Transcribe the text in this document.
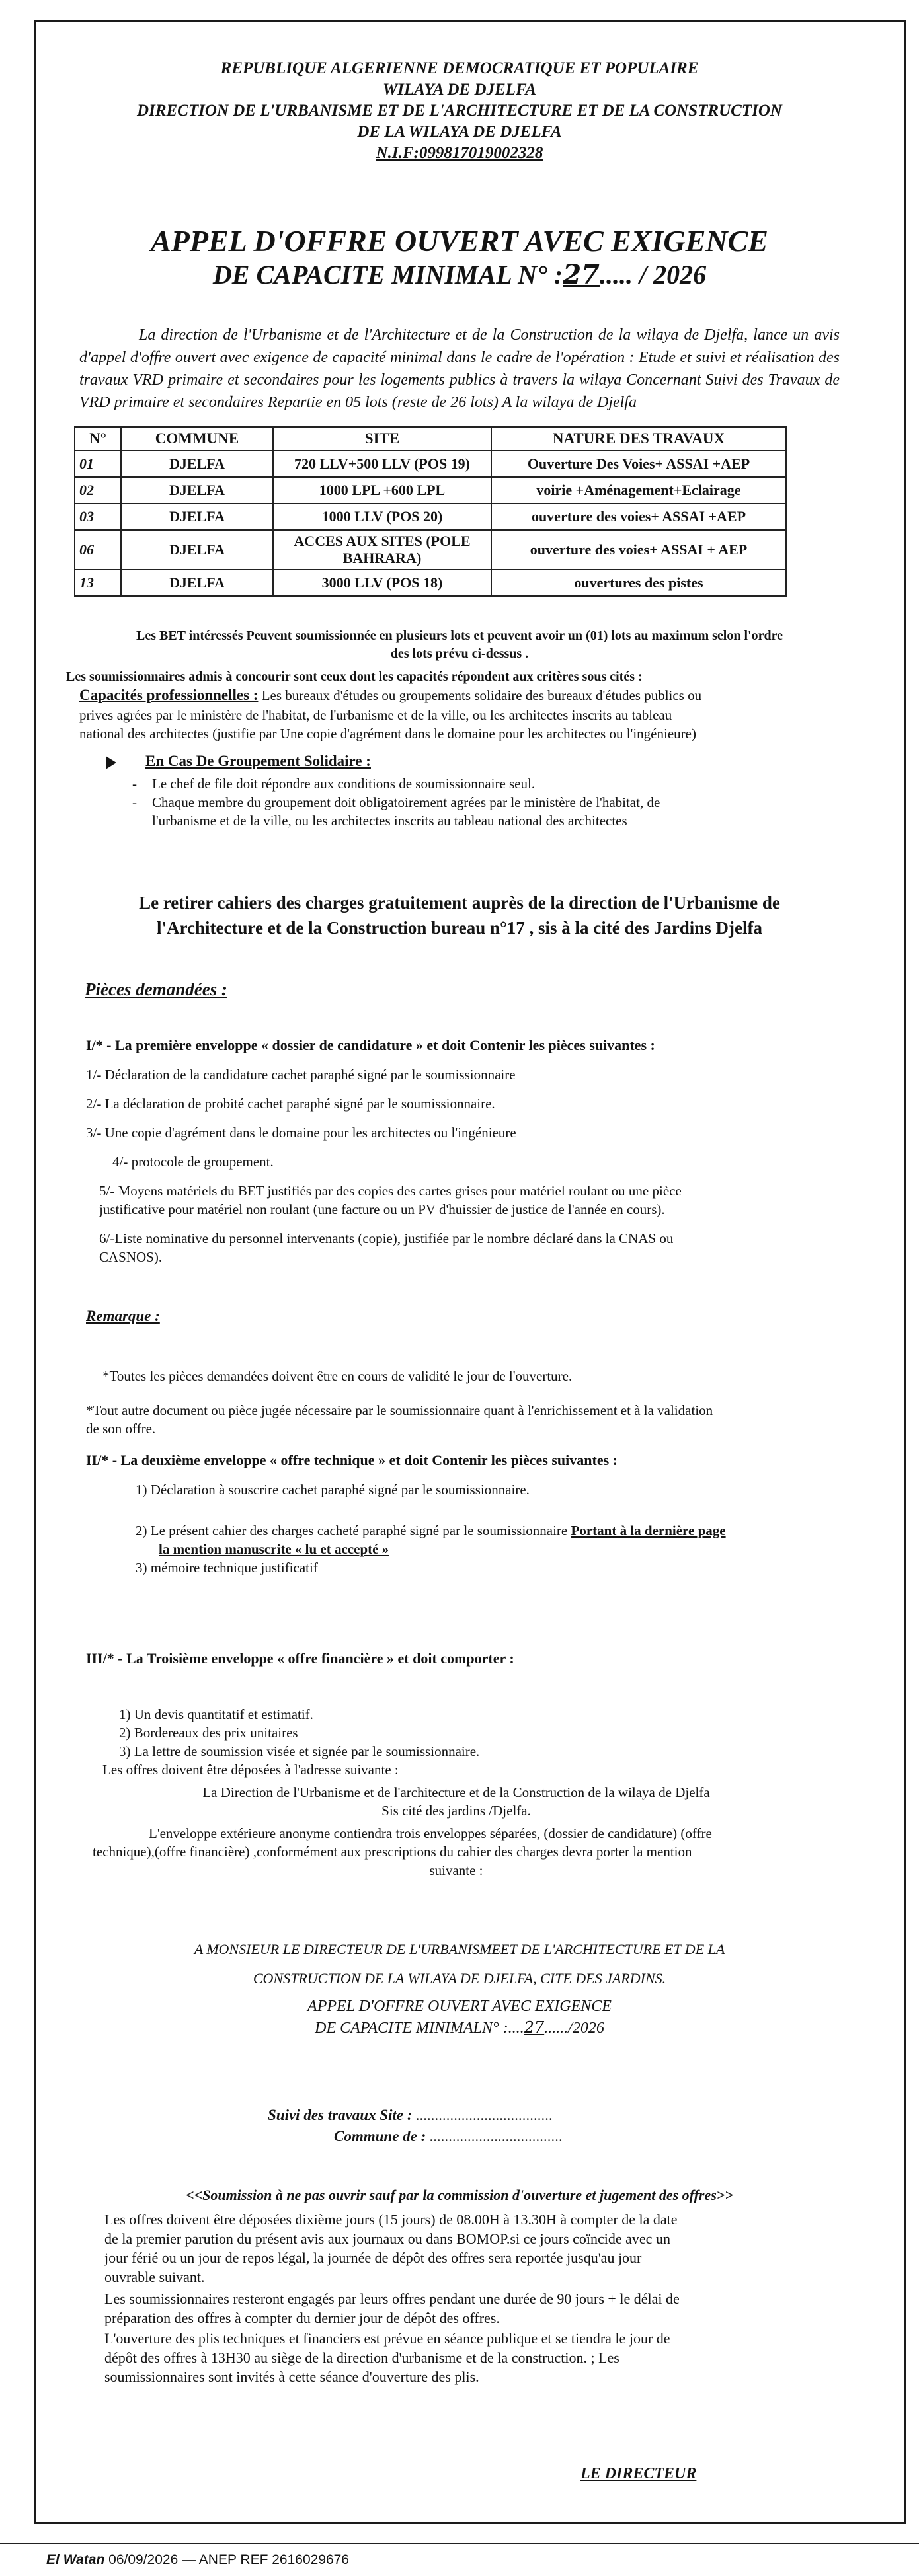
REPUBLIQUE ALGERIENNE DEMOCRATIQUE ET POPULAIRE
WILAYA DE DJELFA
DIRECTION DE L'URBANISME ET DE L'ARCHITECTURE ET DE LA CONSTRUCTION
DE LA WILAYA DE DJELFA
N.I.F:099817019002328
APPEL D'OFFRE OUVERT AVEC EXIGENCE
DE CAPACITE MINIMAL N° :27..... / 2026
La direction de l'Urbanisme et de l'Architecture et de la Construction de la wilaya de Djelfa, lance un avis d'appel d'offre ouvert avec exigence de capacité minimal dans le cadre de l'opération : Etude et suivi et réalisation des travaux VRD primaire et secondaires pour les logements publics à travers la wilaya Concernant Suivi des Travaux de VRD primaire et secondaires Repartie en 05 lots (reste de 26 lots) A la wilaya de Djelfa
N°	COMMUNE	SITE	NATURE DES TRAVAUX
01	DJELFA	720 LLV+500 LLV (POS 19)	Ouverture Des Voies+ ASSAI +AEP
02	DJELFA	1000 LPL +600 LPL	voirie +Aménagement+Eclairage
03	DJELFA	1000 LLV (POS 20)	ouverture des voies+ ASSAI +AEP
06	DJELFA	ACCES AUX SITES (POLE BAHRARA)	ouverture des voies+ ASSAI + AEP
13	DJELFA	3000 LLV (POS 18)	ouvertures des pistes
Les BET intéressés Peuvent soumissionnée en plusieurs lots et peuvent avoir un (01) lots au maximum selon l'ordre
des lots prévu ci-dessus .
Les soumissionnaires admis à concourir sont ceux dont les capacités répondent aux critères sous cités :
Capacités professionnelles : Les bureaux d'études ou groupements solidaire des bureaux d'études publics ou
prives agrées par le ministère de l'habitat, de l'urbanisme et de la ville, ou les architectes inscrits au tableau
national des architectes (justifie par Une copie d'agrément dans le domaine pour les architectes ou l'ingénieure)
En Cas De Groupement Solidaire :
- Le chef de file doit répondre aux conditions de soumissionnaire seul.
- Chaque membre du groupement doit obligatoirement agrées par le ministère de l'habitat, de
l'urbanisme et de la ville, ou les architectes inscrits au tableau national des architectes
Le retirer cahiers des charges gratuitement auprès de la direction de l'Urbanisme de
l'Architecture et de la Construction bureau n°17 , sis à la cité des Jardins Djelfa
Pièces demandées :
I/* - La première enveloppe « dossier de candidature » et doit Contenir les pièces suivantes :
1/- Déclaration de la candidature cachet paraphé signé par le soumissionnaire
2/- La déclaration de probité cachet paraphé signé par le soumissionnaire.
3/- Une copie d'agrément dans le domaine pour les architectes ou l'ingénieure
4/- protocole de groupement.
5/- Moyens matériels du BET justifiés par des copies des cartes grises pour matériel roulant ou une pièce
justificative pour matériel non roulant (une facture ou un PV d'huissier de justice de l'année en cours).
6/-Liste nominative du personnel intervenants (copie), justifiée par le nombre déclaré dans la CNAS ou
CASNOS).
Remarque :
*Toutes les pièces demandées doivent être en cours de validité le jour de l'ouverture.
*Tout autre document ou pièce jugée nécessaire par le soumissionnaire quant à l'enrichissement et à la validation
de son offre.
II/* - La deuxième enveloppe « offre technique » et doit Contenir les pièces suivantes :
1) Déclaration à souscrire cachet paraphé signé par le soumissionnaire.
2) Le présent cahier des charges cacheté paraphé signé par le soumissionnaire Portant à la dernière page
la mention manuscrite « lu et accepté »
3) mémoire technique justificatif
III/* - La Troisième enveloppe « offre financière » et doit comporter :
1) Un devis quantitatif et estimatif.
2) Bordereaux des prix unitaires
3) La lettre de soumission visée et signée par le soumissionnaire.
Les offres doivent être déposées à l'adresse suivante :
La Direction de l'Urbanisme et de l'architecture et de la Construction de la wilaya de Djelfa
Sis cité des jardins /Djelfa.
L'enveloppe extérieure anonyme contiendra trois enveloppes séparées, (dossier de candidature) (offre
technique),(offre financière) ,conformément aux prescriptions du cahier des charges devra porter la mention
suivante :
A MONSIEUR LE DIRECTEUR DE L'URBANISMEET DE L'ARCHITECTURE ET DE LA
CONSTRUCTION DE LA WILAYA DE DJELFA, CITE DES JARDINS.
APPEL D'OFFRE OUVERT AVEC EXIGENCE
DE CAPACITE MINIMALN° :....27....../2026
Suivi des travaux Site : ....................................
Commune de : ...................................
<<Soumission à ne pas ouvrir sauf par la commission d'ouverture et jugement des offres>>
Les offres doivent être déposées dixième jours (15 jours) de 08.00H à 13.30H à compter de la date
de la premier parution du présent avis aux journaux ou dans BOMOP.si ce jours coïncide avec un
jour férié ou un jour de repos légal, la journée de dépôt des offres sera reportée jusqu'au jour
ouvrable suivant.
Les soumissionnaires resteront engagés par leurs offres pendant une durée de 90 jours + le délai de
préparation des offres à compter du dernier jour de dépôt des offres.
L'ouverture des plis techniques et financiers est prévue en séance publique et se tiendra le jour de
dépôt des offres à 13H30 au siège de la direction d'urbanisme et de la construction. ; Les
soumissionnaires sont invités à cette séance d'ouverture des plis.
LE DIRECTEUR
El Watan 06/09/2026 — ANEP REF 2616029676
